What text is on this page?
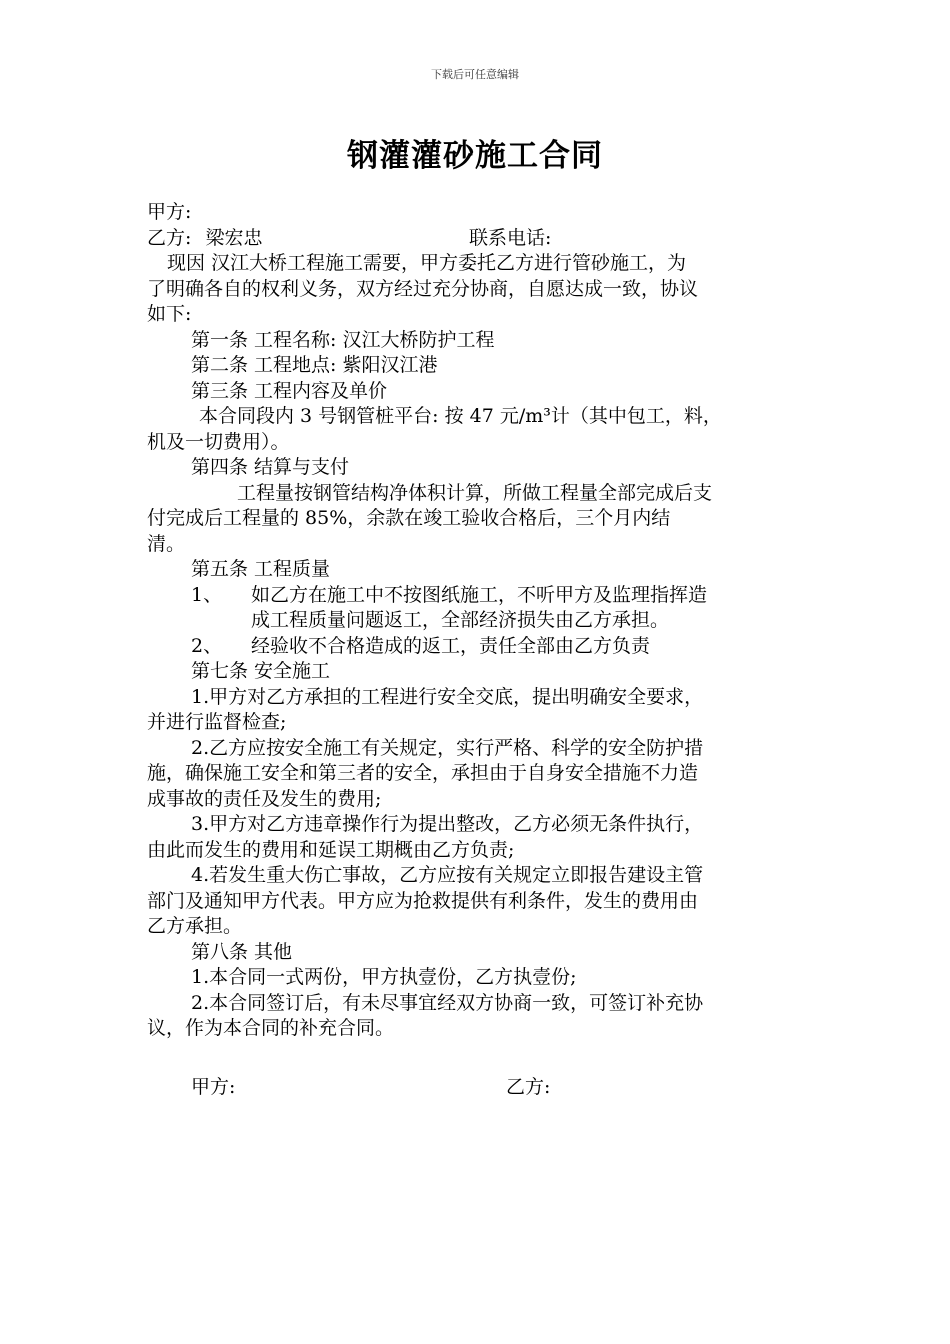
下载后可任意编辑
钢灌灌砂施工合同
甲方:
乙方: 梁宏忠	联系电话:
现因 汉江大桥工程施工需要，甲方委托乙方进行管砂施工，为
了明确各自的权利义务，双方经过充分协商，自愿达成一致，协议
如下:
第一条 工程名称: 汉江大桥防护工程
第二条 工程地点: 紫阳汉江港
第三条 工程内容及单价
本合同段内 3 号钢管桩平台: 按 47 元/m³计（其中包工，料，
机及一切费用）。
第四条 结算与支付
工程量按钢管结构净体积计算，所做工程量全部完成后支
付完成后工程量的 85%，余款在竣工验收合格后，三个月内结
清。
第五条 工程质量
1、 如乙方在施工中不按图纸施工，不听甲方及监理指挥造
成工程质量问题返工，全部经济损失由乙方承担。
2、 经验收不合格造成的返工，责任全部由乙方负责
第七条 安全施工
1.甲方对乙方承担的工程进行安全交底，提出明确安全要求，
并进行监督检查;
2.乙方应按安全施工有关规定，实行严格、科学的安全防护措
施，确保施工安全和第三者的安全，承担由于自身安全措施不力造
成事故的责任及发生的费用;
3.甲方对乙方违章操作行为提出整改，乙方必须无条件执行，
由此而发生的费用和延误工期概由乙方负责;
4.若发生重大伤亡事故，乙方应按有关规定立即报告建设主管
部门及通知甲方代表。甲方应为抢救提供有利条件，发生的费用由
乙方承担。
第八条 其他
1.本合同一式两份，甲方执壹份，乙方执壹份;
2.本合同签订后，有未尽事宜经双方协商一致，可签订补充协
议，作为本合同的补充合同。
甲方:	乙方:
